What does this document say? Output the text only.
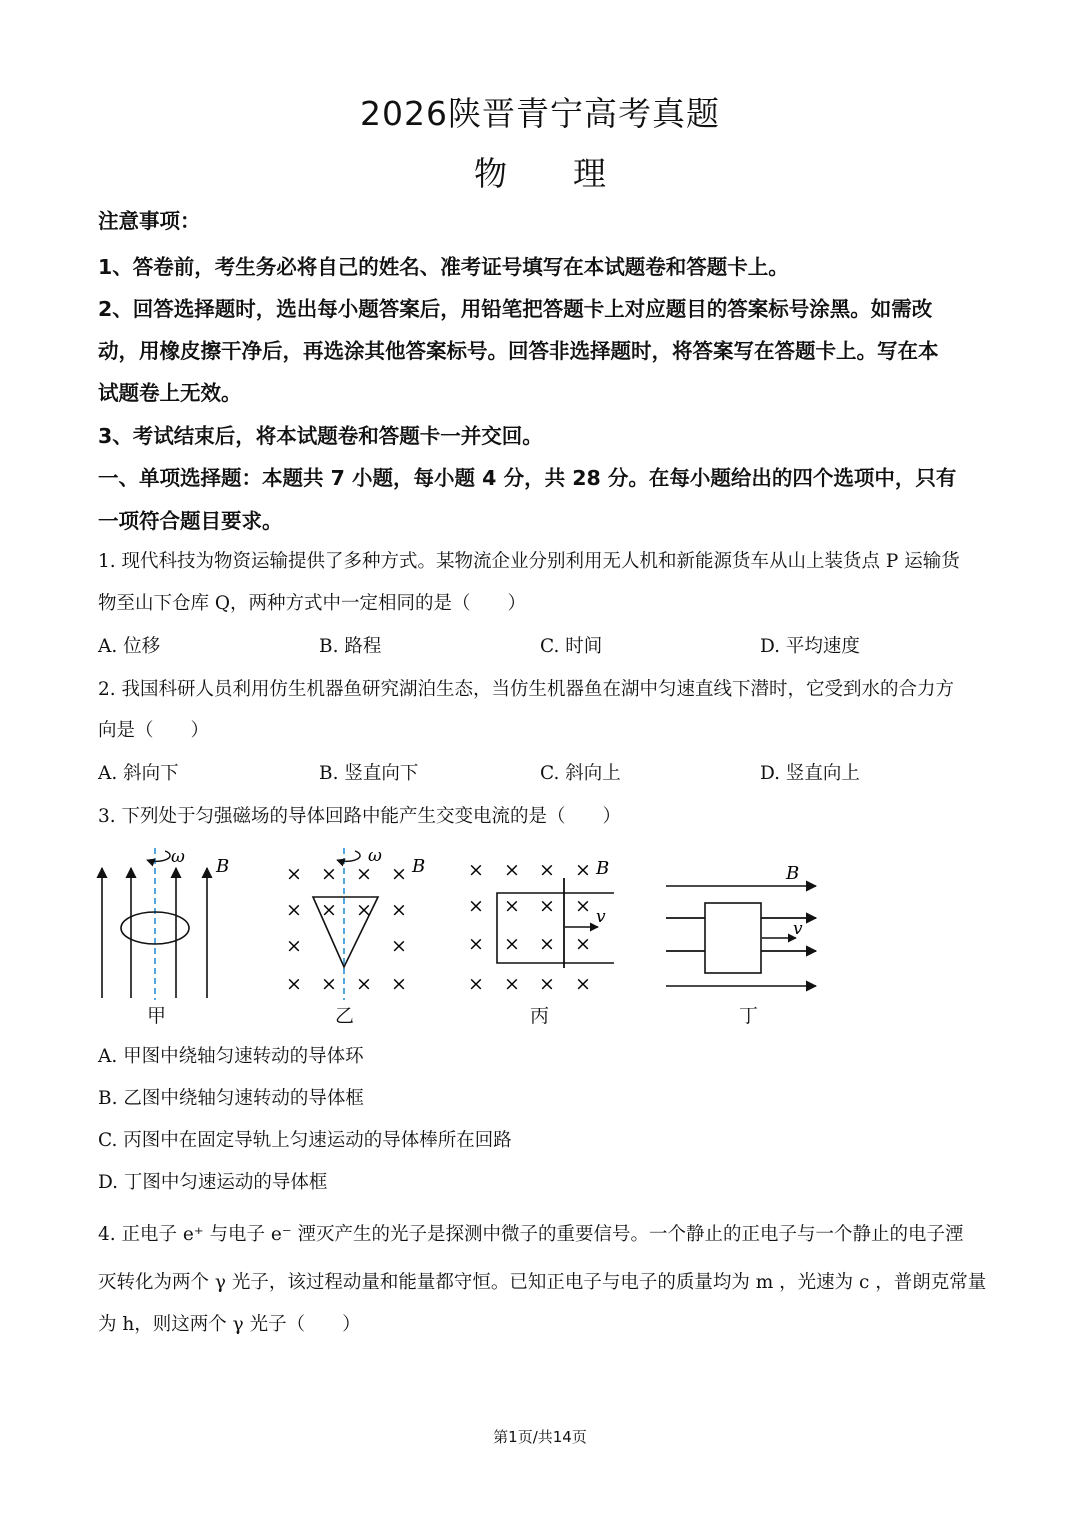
2026陕晋青宁高考真题
物　　理
注意事项：
1、答卷前，考生务必将自己的姓名、准考证号填写在本试题卷和答题卡上。
2、回答选择题时，选出每小题答案后，用铅笔把答题卡上对应题目的答案标号涂黑。如需改
动，用橡皮擦干净后，再选涂其他答案标号。回答非选择题时，将答案写在答题卡上。写在本
试题卷上无效。
3、考试结束后，将本试题卷和答题卡一并交回。
一、单项选择题：本题共 7 小题，每小题 4 分，共 28 分。在每小题给出的四个选项中，只有
一项符合题目要求。
1. 现代科技为物资运输提供了多种方式。某物流企业分别利用无人机和新能源货车从山上装货点 P 运输货
物至山下仓库 Q，两种方式中一定相同的是（　　）
A. 位移	B. 路程	C. 时间	D. 平均速度
2. 我国科研人员利用仿生机器鱼研究湖泊生态，当仿生机器鱼在湖中匀速直线下潜时，它受到水的合力方
向是（　　）
A. 斜向下	B. 竖直向下	C. 斜向上	D. 竖直向上
3. 下列处于匀强磁场的导体回路中能产生交变电流的是（　　）
ω B	ω B
× × × ×
×
×
×
×
× ×
× × × ×
v
B
× × × ×
× × × ×
× × × ×
× × × ×
v
B
甲	乙	丙	丁
A. 甲图中绕轴匀速转动的导体环
B. 乙图中绕轴匀速转动的导体框
C. 丙图中在固定导轨上匀速运动的导体棒所在回路
D. 丁图中匀速运动的导体框
4. 正电子 e⁺ 与电子 e⁻ 湮灭产生的光子是探测中微子的重要信号。一个静止的正电子与一个静止的电子湮
灭转化为两个 γ 光子，该过程动量和能量都守恒。已知正电子与电子的质量均为 m ，光速为 c ，普朗克常量
为 h，则这两个 γ 光子（　　）
第1页/共14页
